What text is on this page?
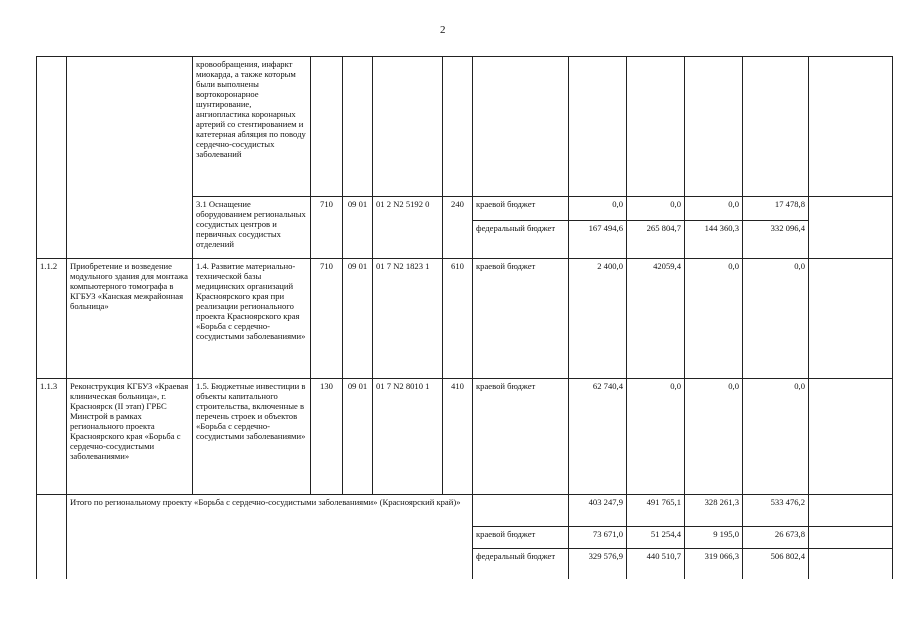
2
		кровообращения, инфаркт миокарда, а также которым были выполнены вортокоронарное шунтирование, ангиопластика коронарных артерий со стентированием и катетерная абляция по поводу сердечно-сосудистых заболеваний										
		3.1 Оснащение оборудованием региональных сосудистых центров и первичных сосудистых отделений	710	09 01	01 2 N2 5192 0	240	краевой бюджет	0,0	0,0	0,0	17 478,8	
							федеральный бюджет	167 494,6	265 804,7	144 360,3	332 096,4	
1.1.2	Приобретение и возведение модульного здания для монтажа компьютерного томографа в КГБУЗ «Канская межрайонная больница»	1.4. Развитие материально-технической базы медицинских организаций Красноярского края при реализации регионального проекта Красноярского края «Борьба с сердечно-сосудистыми заболеваниями»	710	09 01	01 7 N2 1823 1	610	краевой бюджет	2 400,0	42059,4	0,0	0,0	
1.1.3	Реконструкция КГБУЗ «Краевая клиническая больница», г. Красноярск (II этап) ГРБС Минстрой в рамках регионального проекта Красноярского края «Борьба с сердечно-сосудистыми заболеваниями»	1.5. Бюджетные инвестиции в объекты капитального строительства, включенные в перечень строек и объектов «Борьба с сердечно-сосудистыми заболеваниями»	130	09 01	01 7 N2 8010 1	410	краевой бюджет	62 740,4	0,0	0,0	0,0	
	Итого по региональному проекту «Борьба с сердечно-сосудистыми заболеваниями» (Красноярский край)»							403 247,9	491 765,1	328 261,3	533 476,2	
							краевой бюджет	73 671,0	51 254,4	9 195,0	26 673,8	
							федеральный бюджет	329 576,9	440 510,7	319 066,3	506 802,4	
